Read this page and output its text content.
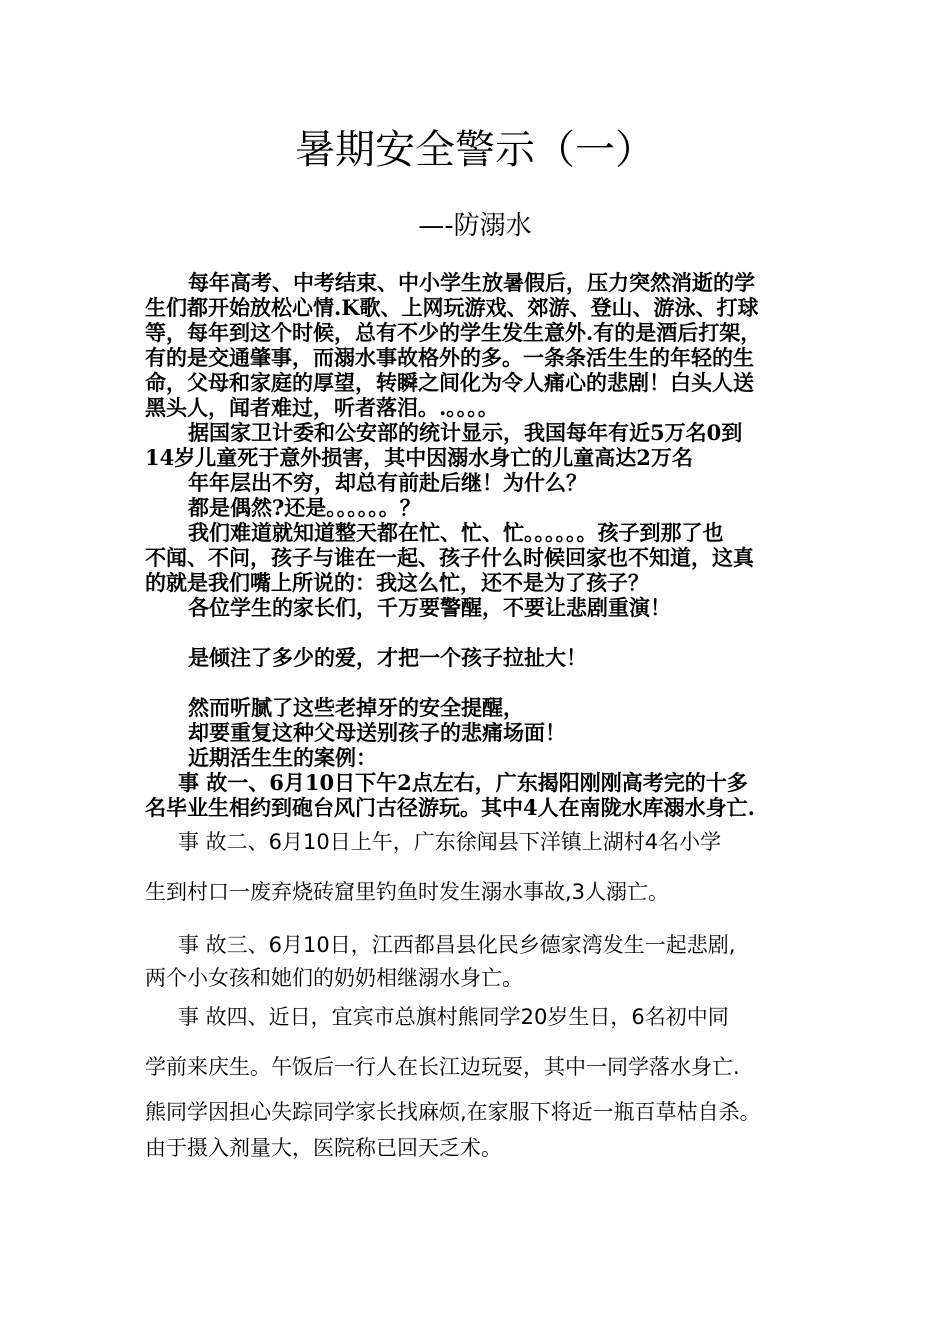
暑期安全警示（一）
—-防溺水
每年高考、中考结束、中小学生放暑假后，压力突然消逝的学
生们都开始放松心情.K歌、上网玩游戏、郊游、登山、游泳、打球
等，每年到这个时候，总有不少的学生发生意外.有的是酒后打架，
有的是交通肇事，而溺水事故格外的多。一条条活生生的年轻的生
命，父母和家庭的厚望，转瞬之间化为令人痛心的悲剧！白头人送
黑头人，闻者难过，听者落泪。.。。。。
据国家卫计委和公安部的统计显示，我国每年有近5万名0到
14岁儿童死于意外损害，其中因溺水身亡的儿童高达2万名
年年层出不穷，却总有前赴后继！为什么？
都是偶然?还是。。。。。。？
我们难道就知道整天都在忙、忙、忙。。。。。。孩子到那了也
不闻、不问，孩子与谁在一起、孩子什么时候回家也不知道，这真
的就是我们嘴上所说的：我这么忙，还不是为了孩子？
各位学生的家长们，千万要警醒，不要让悲剧重演！
是倾注了多少的爱，才把一个孩子拉扯大！
然而听腻了这些老掉牙的安全提醒，
却要重复这种父母送别孩子的悲痛场面！
近期活生生的案例：
事 故一、6月10日下午2点左右，广东揭阳刚刚高考完的十多
名毕业生相约到砲台风门古径游玩。其中4人在南陇水库溺水身亡.
事 故二、6月10日上午，广东徐闻县下洋镇上湖村4名小学
生到村口一废弃烧砖窟里钓鱼时发生溺水事故,3人溺亡。
事 故三、6月10日，江西都昌县化民乡德家湾发生一起悲剧,
两个小女孩和她们的奶奶相继溺水身亡。
事 故四、近日，宜宾市总旗村熊同学20岁生日，6名初中同
学前来庆生。午饭后一行人在长江边玩耍，其中一同学落水身亡.
熊同学因担心失踪同学家长找麻烦,在家服下将近一瓶百草枯自杀。
由于摄入剂量大，医院称已回天乏术。
